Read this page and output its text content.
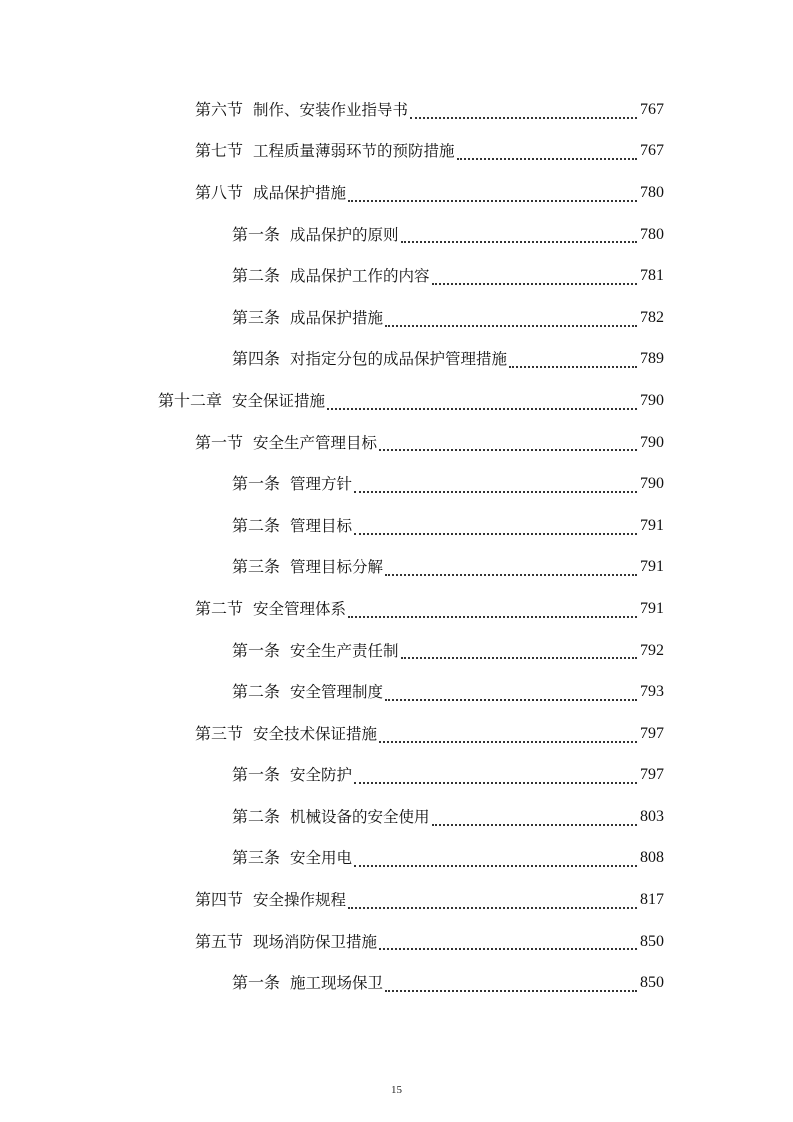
第六节 制作、安装作业指导书	767
第七节 工程质量薄弱环节的预防措施	767
第八节 成品保护措施	780
第一条 成品保护的原则	780
第二条 成品保护工作的内容	781
第三条 成品保护措施	782
第四条 对指定分包的成品保护管理措施	789
第十二章 安全保证措施	790
第一节 安全生产管理目标	790
第一条 管理方针	790
第二条 管理目标	791
第三条 管理目标分解	791
第二节 安全管理体系	791
第一条 安全生产责任制	792
第二条 安全管理制度	793
第三节 安全技术保证措施	797
第一条 安全防护	797
第二条 机械设备的安全使用	803
第三条 安全用电	808
第四节 安全操作规程	817
第五节 现场消防保卫措施	850
第一条 施工现场保卫	850
15
